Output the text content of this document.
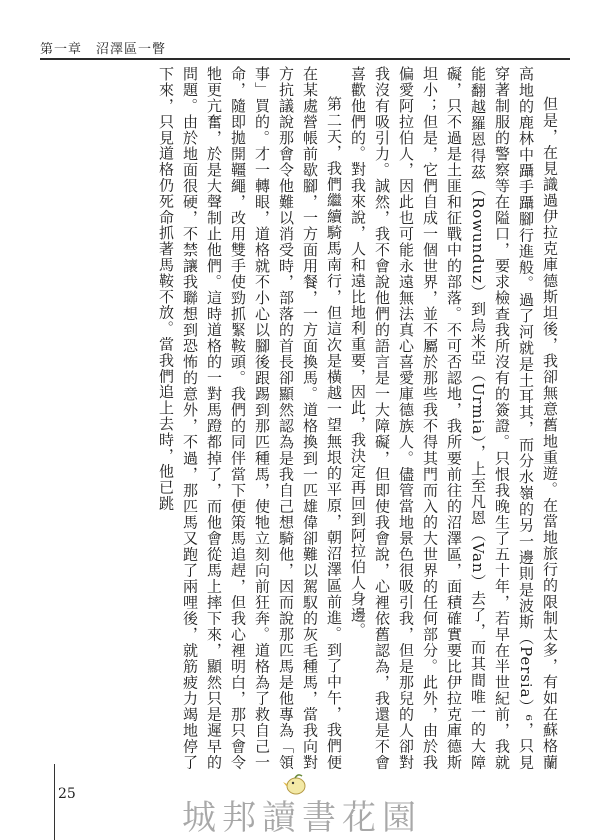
第一章　沼澤區一瞥

但是，在見識過伊拉克庫德斯坦後，我卻無意舊地重遊。在當地旅行的限制太多，有如在蘇格蘭高地的鹿林中躡手躡腳行進般。過了河就是土耳其，而分水嶺的另一邊則是波斯（Persia）⁶，只見穿著制服的警察等在隘口，要求檢查我所沒有的簽證。只恨我晚生了五十年，若早在半世紀前，我就能翻越羅恩得茲（Rowunduz）到烏米亞（Urmia），上至凡恩（Van）去了，而其間唯一的大障礙，只不過是土匪和征戰中的部落。不可否認地，我所要前往的沼澤區，面積確實要比伊拉克庫德斯坦小；但是，它們自成一個世界，並不屬於那些我不得其門而入的大世界的任何部分。此外，由於我偏愛阿拉伯人，因此也可能永遠無法真心喜愛庫德族人。儘管當地景色很吸引我，但是那兒的人卻對我沒有吸引力。誠然，我不會說他們的語言是一大障礙，但即使我會說，心裡依舊認為，我還是不會喜歡他們的。對我來說，人和遠比地利重要，因此，我決定再回到阿拉伯人身邊。

第二天，我們繼續騎馬南行，但這次是橫越一望無垠的平原，朝沼澤區前進。到了中午，我們便在某處營帳前歇腳，一方面用餐，一方面換馬。道格換到一匹雄偉卻難以駕馭的灰毛種馬，當我向對方抗議說那會令他難以消受時，部落的首長卻顯然認為是我自己想騎他，因而說那匹馬是他專為「領事」買的。才一轉眼，道格就不小心以腳後跟踢到那匹種馬，使牠立刻向前狂奔。道格為了救自己一命，隨即拋開韁繩，改用雙手使勁抓緊鞍頭。我們的同伴當下便策馬追趕，但我心裡明白，那只會令牠更亢奮，於是大聲制止他們。這時道格的一對馬蹬都掉了，而他會從馬上摔下來，顯然只是遲早的問題。由於地面很硬，不禁讓我聯想到恐怖的意外，不過，那匹馬又跑了兩哩後，就筋疲力竭地停了下來，只見道格仍死命抓著馬鞍不放。當我們追上去時，他已跳

25
城邦讀書花園
